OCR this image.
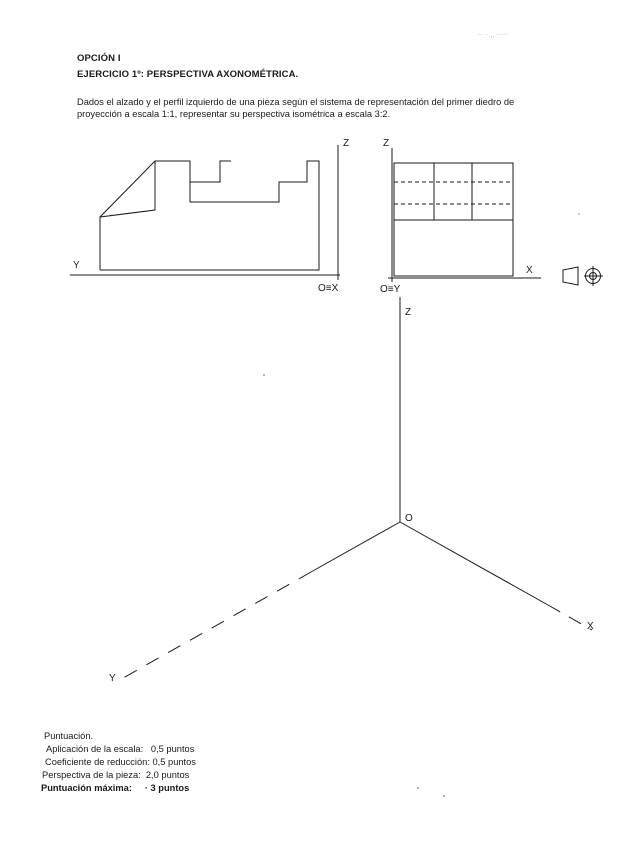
·· · ,,·····
OPCIÓN I
EJERCICIO 1º: PERSPECTIVA AXONOMÉTRICA.
Dados el alzado y el perfil izquierdo de una pieza según el sistema de representación del primer diedro de
proyección a escala 1:1, representar su perspectiva isométrica a escala 3:2.
Y
Z
O≡X
Z
X
O≡Y
Z
O
X
Y
Puntuación.
Aplicación de la escala: 0,5 puntos
Coeficiente de reducción: 0,5 puntos
Perspectiva de la pieza: 2,0 puntos
Puntuación máxima: · 3 puntos
